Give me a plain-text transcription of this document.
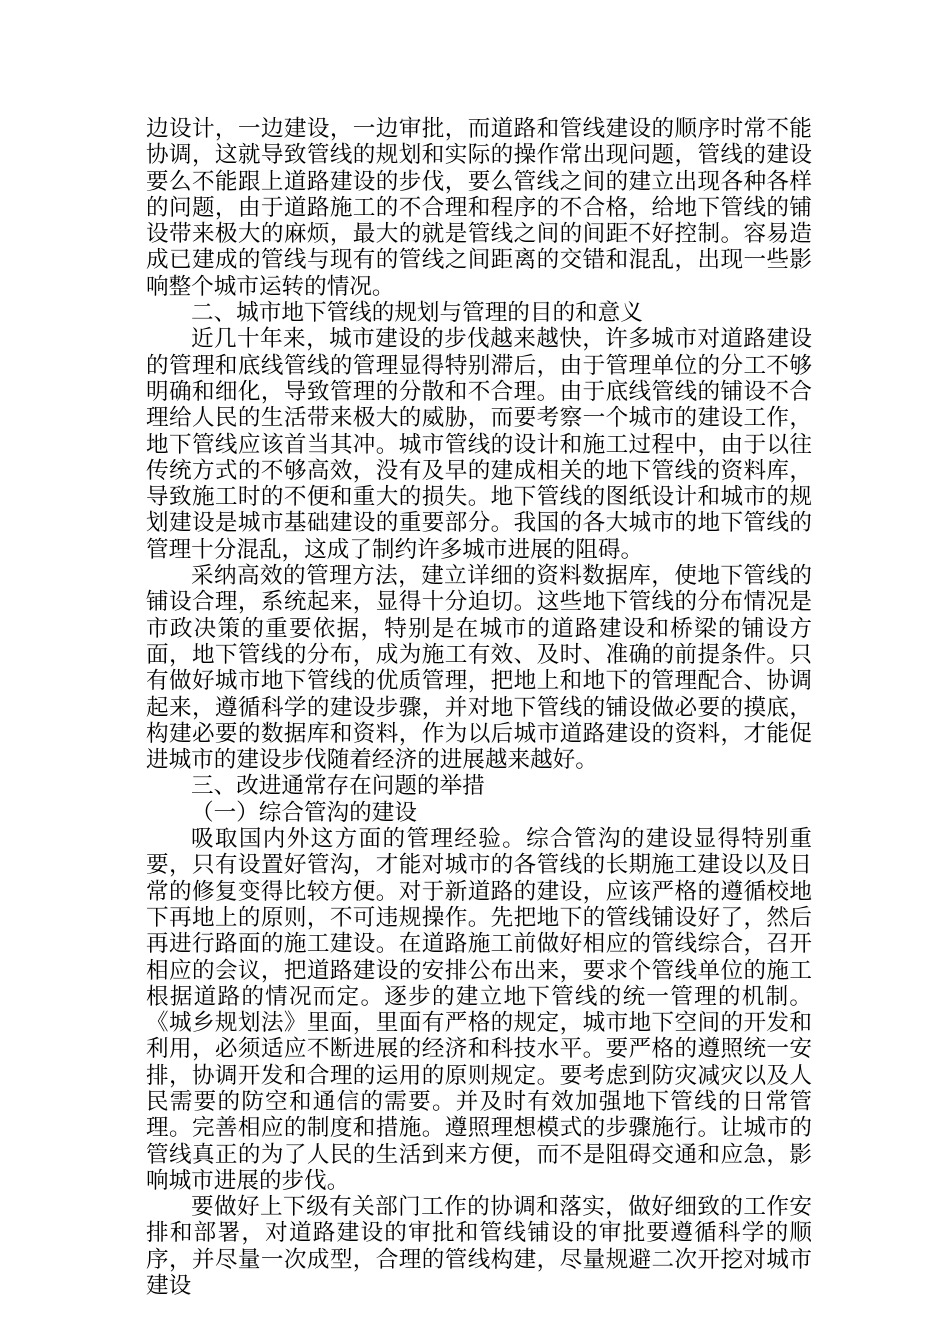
边设计，一边建设，一边审批，而道路和管线建设的顺序时常不能协调，这就导致管线的规划和实际的操作常出现问题，管线的建设要么不能跟上道路建设的步伐，要么管线之间的建立出现各种各样的问题，由于道路施工的不合理和程序的不合格，给地下管线的铺设带来极大的麻烦，最大的就是管线之间的间距不好控制。容易造成已建成的管线与现有的管线之间距离的交错和混乱，出现一些影响整个城市运转的情况。

二、城市地下管线的规划与管理的目的和意义

近几十年来，城市建设的步伐越来越快，许多城市对道路建设的管理和底线管线的管理显得特别滞后，由于管理单位的分工不够明确和细化，导致管理的分散和不合理。由于底线管线的铺设不合理给人民的生活带来极大的威胁，而要考察一个城市的建设工作，地下管线应该首当其冲。城市管线的设计和施工过程中，由于以往传统方式的不够高效，没有及早的建成相关的地下管线的资料库，导致施工时的不便和重大的损失。地下管线的图纸设计和城市的规划建设是城市基础建设的重要部分。我国的各大城市的地下管线的管理十分混乱，这成了制约许多城市进展的阻碍。

采纳高效的管理方法，建立详细的资料数据库，使地下管线的铺设合理，系统起来，显得十分迫切。这些地下管线的分布情况是市政决策的重要依据，特别是在城市的道路建设和桥梁的铺设方面，地下管线的分布，成为施工有效、及时、准确的前提条件。只有做好城市地下管线的优质管理，把地上和地下的管理配合、协调起来，遵循科学的建设步骤，并对地下管线的铺设做必要的摸底，构建必要的数据库和资料，作为以后城市道路建设的资料，才能促进城市的建设步伐随着经济的进展越来越好。

三、改进通常存在问题的举措

（一）综合管沟的建设

吸取国内外这方面的管理经验。综合管沟的建设显得特别重要，只有设置好管沟，才能对城市的各管线的长期施工建设以及日常的修复变得比较方便。对于新道路的建设，应该严格的遵循校地下再地上的原则，不可违规操作。先把地下的管线铺设好了，然后再进行路面的施工建设。在道路施工前做好相应的管线综合，召开相应的会议，把道路建设的安排公布出来，要求个管线单位的施工根据道路的情况而定。逐步的建立地下管线的统一管理的机制。《城乡规划法》里面，里面有严格的规定，城市地下空间的开发和利用，必须适应不断进展的经济和科技水平。要严格的遵照统一安排，协调开发和合理的运用的原则规定。要考虑到防灾减灾以及人民需要的防空和通信的需要。并及时有效加强地下管线的日常管理。完善相应的制度和措施。遵照理想模式的步骤施行。让城市的管线真正的为了人民的生活到来方便，而不是阻碍交通和应急，影响城市进展的步伐。

要做好上下级有关部门工作的协调和落实，做好细致的工作安排和部署，对道路建设的审批和管线铺设的审批要遵循科学的顺序，并尽量一次成型，合理的管线构建，尽量规避二次开挖对城市建设
